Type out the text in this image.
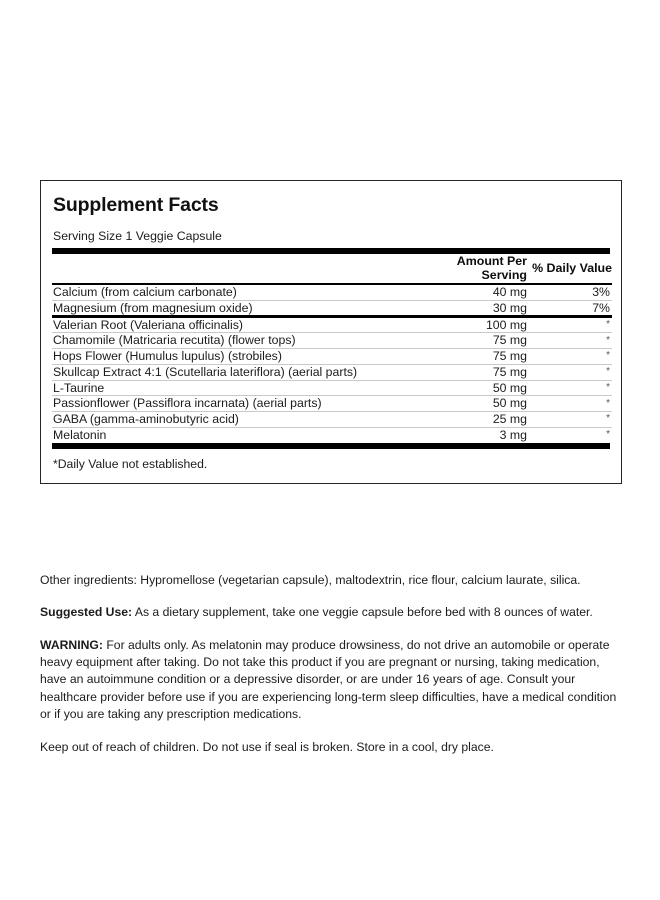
Supplement Facts
Serving Size 1 Veggie Capsule
	Amount Per Serving	% Daily Value

Calcium (from calcium carbonate)	40 mg	3%

Magnesium (from magnesium oxide)	30 mg	7%

Valerian Root (Valeriana officinalis)	100 mg	*

Chamomile (Matricaria recutita) (flower tops)	75 mg	*

Hops Flower (Humulus lupulus) (strobiles)	75 mg	*

Skullcap Extract 4:1 (Scutellaria lateriflora) (aerial parts)	75 mg	*

L-Taurine	50 mg	*

Passionflower (Passiflora incarnata) (aerial parts)	50 mg	*

GABA (gamma-aminobutyric acid)	25 mg	*

Melatonin	3 mg	*
*Daily Value not established.

Other ingredients: Hypromellose (vegetarian capsule), maltodextrin, rice flour, calcium laurate, silica.

Suggested Use: As a dietary supplement, take one veggie capsule before bed with 8 ounces of water.

WARNING: For adults only. As melatonin may produce drowsiness, do not drive an automobile or operate heavy equipment after taking. Do not take this product if you are pregnant or nursing, taking medication, have an autoimmune condition or a depressive disorder, or are under 16 years of age. Consult your healthcare provider before use if you are experiencing long-term sleep difficulties, have a medical condition or if you are taking any prescription medications.

Keep out of reach of children. Do not use if seal is broken. Store in a cool, dry place.
